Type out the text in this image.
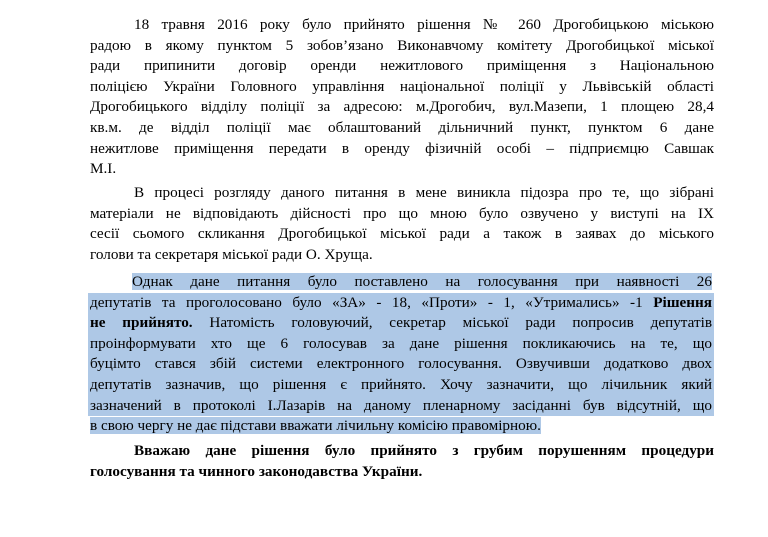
18 травня 2016 року було прийнято рішення № 260 Дрогобицькою міською
радою в якому пунктом 5 зобов’язано Виконавчому комітету Дрогобицької міської
ради припинити договір оренди нежитлового приміщення з Національною
поліцією України Головного управління національної поліції у Львівській області
Дрогобицького відділу поліції за адресою: м.Дрогобич, вул.Мазепи, 1 площею 28,4
кв.м. де відділ поліції має облаштований дільничний пункт, пунктом 6 дане
нежитлове приміщення передати в оренду фізичній особі – підприємцю Савшак
М.І.
В процесі розгляду даного питання в мене виникла підозра про те, що зібрані
матеріали не відповідають дійсності про що мною було озвучено у виступі на IX
сесії сьомого скликання Дрогобицької міської ради а також в заявах до міського
голови та секретаря міської ради О. Хруща.
Однак дане питання було поставлено на голосування при наявності 26
депутатів та проголосовано було «ЗА» - 18, «Проти» - 1, «Утримались» -1 Рішення
не прийнято. Натомість головуючий, секретар міської ради попросив депутатів
проінформувати хто ще 6 голосував за дане рішення покликаючись на те, що
буцімто стався збій системи електронного голосування. Озвучивши додатково двох
депутатів зазначив, що рішення є прийнято. Хочу зазначити, що лічильник який
зазначений в протоколі І.Лазарів на даному пленарному засіданні був відсутній, що
в свою чергу не дає підстави вважати лічильну комісію правомірною.
Вважаю дане рішення було прийнято з грубим порушенням процедури
голосування та чинного законодавства України.
